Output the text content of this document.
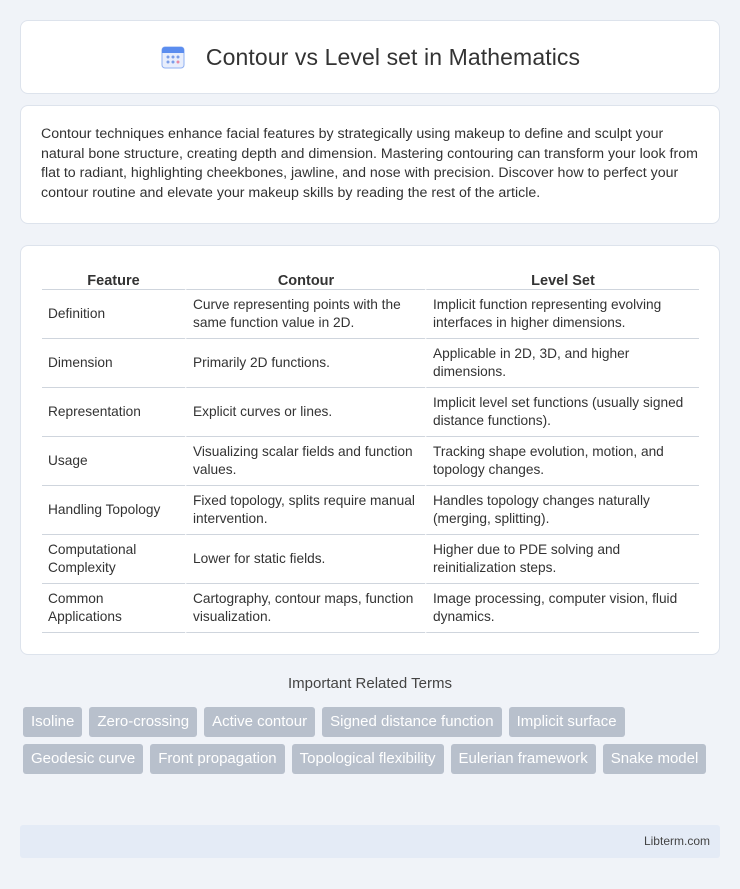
Contour vs Level set in Mathematics

Contour techniques enhance facial features by strategically using makeup to define and sculpt your natural bone structure, creating depth and dimension. Mastering contouring can transform your look from flat to radiant, highlighting cheekbones, jawline, and nose with precision. Discover how to perfect your contour routine and elevate your makeup skills by reading the rest of the article.

Feature	Contour	Level Set
Definition	Curve representing points with the same function value in 2D.	Implicit function representing evolving interfaces in higher dimensions.
Dimension	Primarily 2D functions.	Applicable in 2D, 3D, and higher dimensions.
Representation	Explicit curves or lines.	Implicit level set functions (usually signed distance functions).
Usage	Visualizing scalar fields and function values.	Tracking shape evolution, motion, and topology changes.
Handling Topology	Fixed topology, splits require manual intervention.	Handles topology changes naturally (merging, splitting).
Computational Complexity	Lower for static fields.	Higher due to PDE solving and reinitialization steps.
Common Applications	Cartography, contour maps, function visualization.	Image processing, computer vision, fluid dynamics.
Important Related Terms
Isoline	Zero-crossing	Active contour	Signed distance function	Implicit surface
Geodesic curve	Front propagation	Topological flexibility	Eulerian framework	Snake model
Libterm.com
